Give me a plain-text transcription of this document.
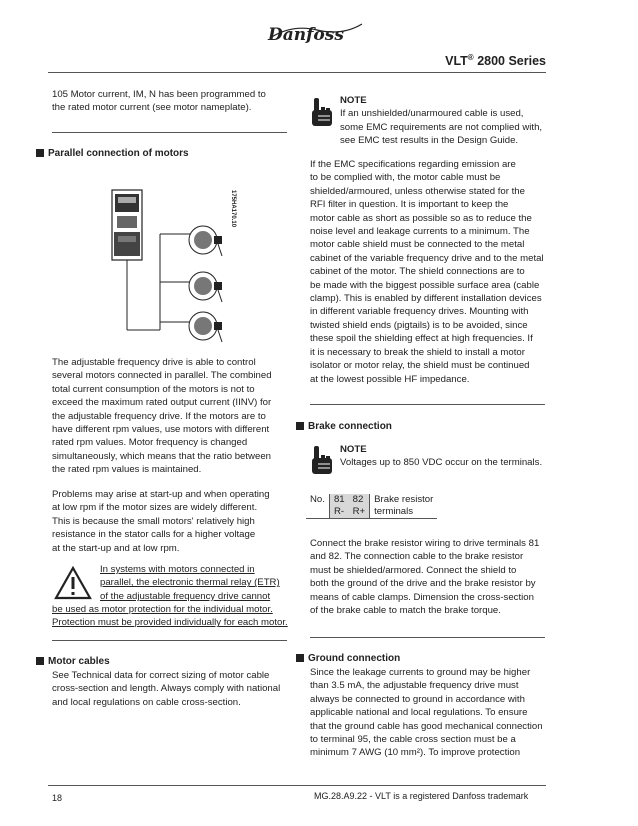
Danfoss
VLT® 2800 Series

105 Motor current, IM, N has been programmed to

the rated motor current (see motor nameplate).

Parallel connection of motors
175HA170.10

The adjustable frequency drive is able to control

several motors connected in parallel. The combined

total current consumption of the motors is not to

exceed the maximum rated output current (IINV) for

the adjustable frequency drive. If the motors are to

have different rpm values, use motors with different

rated rpm values. Motor frequency is changed

simultaneously, which means that the ratio between

the rated rpm values is maintained.

Problems may arise at start-up and when operating

at low rpm if the motor sizes are widely different.

This is because the small motors' relatively high

resistance in the stator calls for a higher voltage

at the start-up and at low rpm.

In systems with motors connected in

parallel, the electronic thermal relay (ETR)

of the adjustable frequency drive cannot

be used as motor protection for the individual motor.

Protection must be provided individually for each motor.

Motor cables

See Technical data for correct sizing of motor cable

cross-section and length. Always comply with national

and local regulations on cable cross-section.

NOTE

If an unshielded/unarmoured cable is used,

some EMC requirements are not complied with,

see EMC test results in the Design Guide.

If the EMC specifications regarding emission are

to be complied with, the motor cable must be

shielded/armoured, unless otherwise stated for the

RFI filter in question. It is important to keep the

motor cable as short as possible so as to reduce the

noise level and leakage currents to a minimum. The

motor cable shield must be connected to the metal

cabinet of the variable frequency drive and to the metal

cabinet of the motor. The shield connections are to

be made with the biggest possible surface area (cable

clamp). This is enabled by different installation devices

in different variable frequency drives. Mounting with

twisted shield ends (pigtails) is to be avoided, since

these spoil the shielding effect at high frequencies. If

it is necessary to break the shield to install a motor

isolator or motor relay, the shield must be continued

at the lowest possible HF impedance.

Brake connection

NOTE

Voltages up to 850 VDC occur on the terminals.

No.	81	82	Brake resistor
	R-	R+	terminals

Connect the brake resistor wiring to drive terminals 81

and 82. The connection cable to the brake resistor

must be shielded/armored. Connect the shield to

both the ground of the drive and the brake resistor by

means of cable clamps. Dimension the cross-section

of the brake cable to match the brake torque.

Ground connection

Since the leakage currents to ground may be higher

than 3.5 mA, the adjustable frequency drive must

always be connected to ground in accordance with

applicable national and local regulations. To ensure

that the ground cable has good mechanical connection

to terminal 95, the cable cross section must be a

minimum 7 AWG (10 mm²). To improve protection

18	MG.28.A9.22 - VLT is a registered Danfoss trademark
